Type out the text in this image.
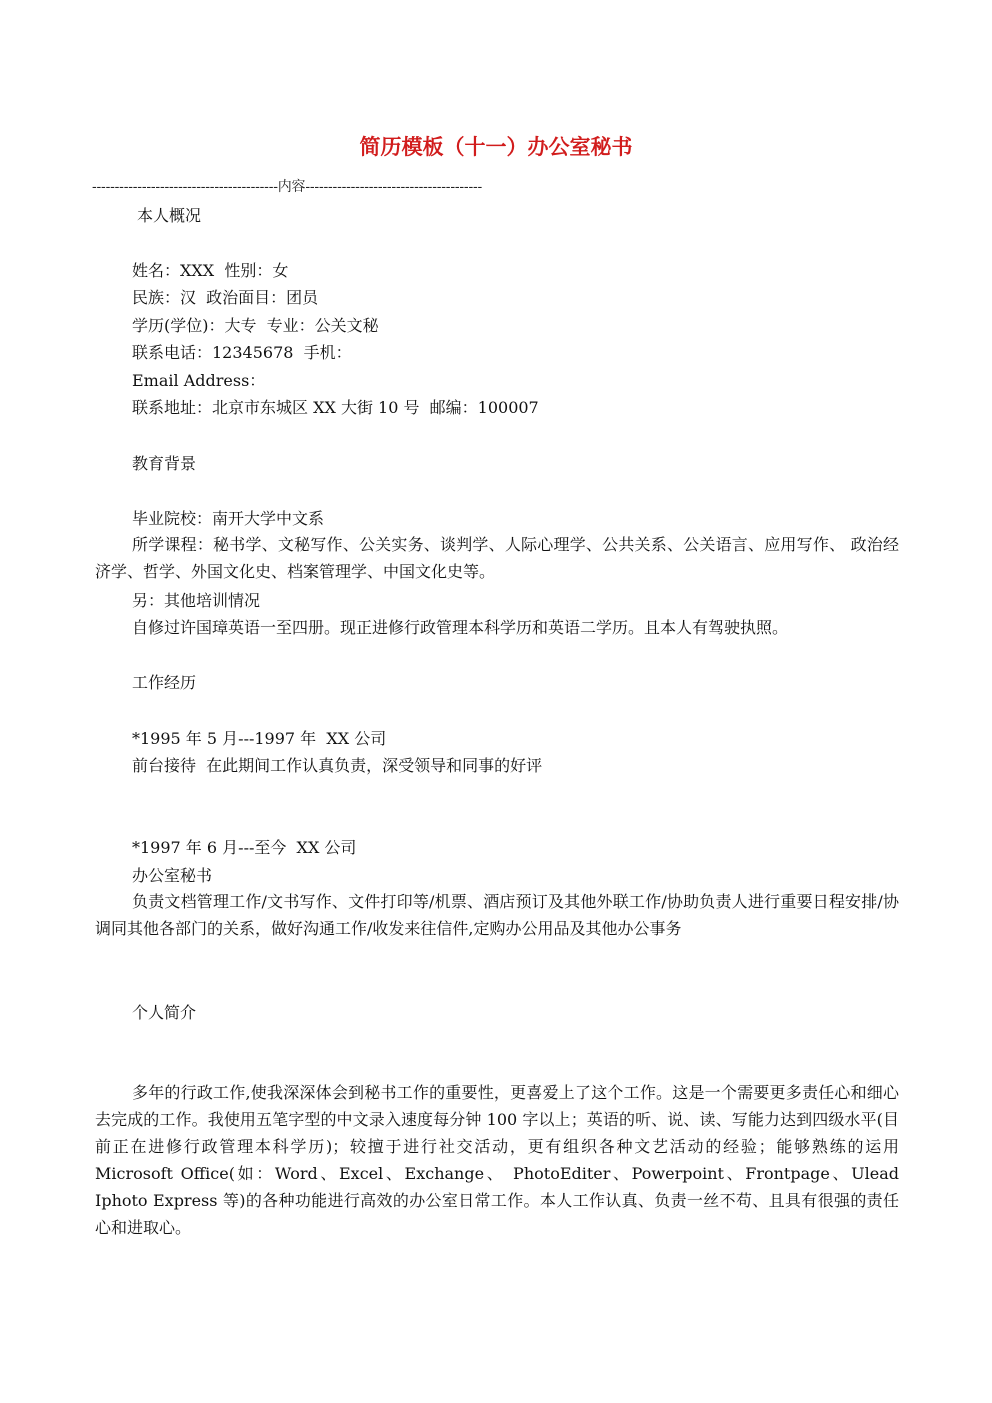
简历模板（十一）办公室秘书
-----------------------------------------内容---------------------------------------
本人概况
姓名：XXX  性别：女
民族：汉  政治面目：团员
学历(学位)：大专  专业：公关文秘
联系电话：12345678  手机：
Email Address：
联系地址：北京市东城区 XX 大街 10 号  邮编：100007
教育背景
毕业院校：南开大学中文系
所学课程：秘书学、文秘写作、公关实务、谈判学、人际心理学、公共关系、公关语言、应用写作、 政治经济学、哲学、外国文化史、档案管理学、中国文化史等。
另：其他培训情况
自修过许国璋英语一至四册。现正进修行政管理本科学历和英语二学历。且本人有驾驶执照。
工作经历
*1995 年 5 月---1997 年  XX 公司
前台接待  在此期间工作认真负责，深受领导和同事的好评
*1997 年 6 月---至今  XX 公司
办公室秘书
负责文档管理工作/文书写作、文件打印等/机票、酒店预订及其他外联工作/协助负责人进行重要日程安排/协调同其他各部门的关系，做好沟通工作/收发来往信件,定购办公用品及其他办公事务
个人简介
多年的行政工作,使我深深体会到秘书工作的重要性，更喜爱上了这个工作。这是一个需要更多责任心和细心去完成的工作。我使用五笔字型的中文录入速度每分钟 100 字以上；英语的听、说、读、写能力达到四级水平(目前正在进修行政管理本科学历)；较擅于进行社交活动，更有组织各种文艺活动的经验；能够熟练的运用 Microsoft Office(如：Word、Excel、Exchange、 PhotoEditer、Powerpoint、Frontpage、Ulead Iphoto Express 等)的各种功能进行高效的办公室日常工作。本人工作认真、负责一丝不苟、且具有很强的责任心和进取心。
